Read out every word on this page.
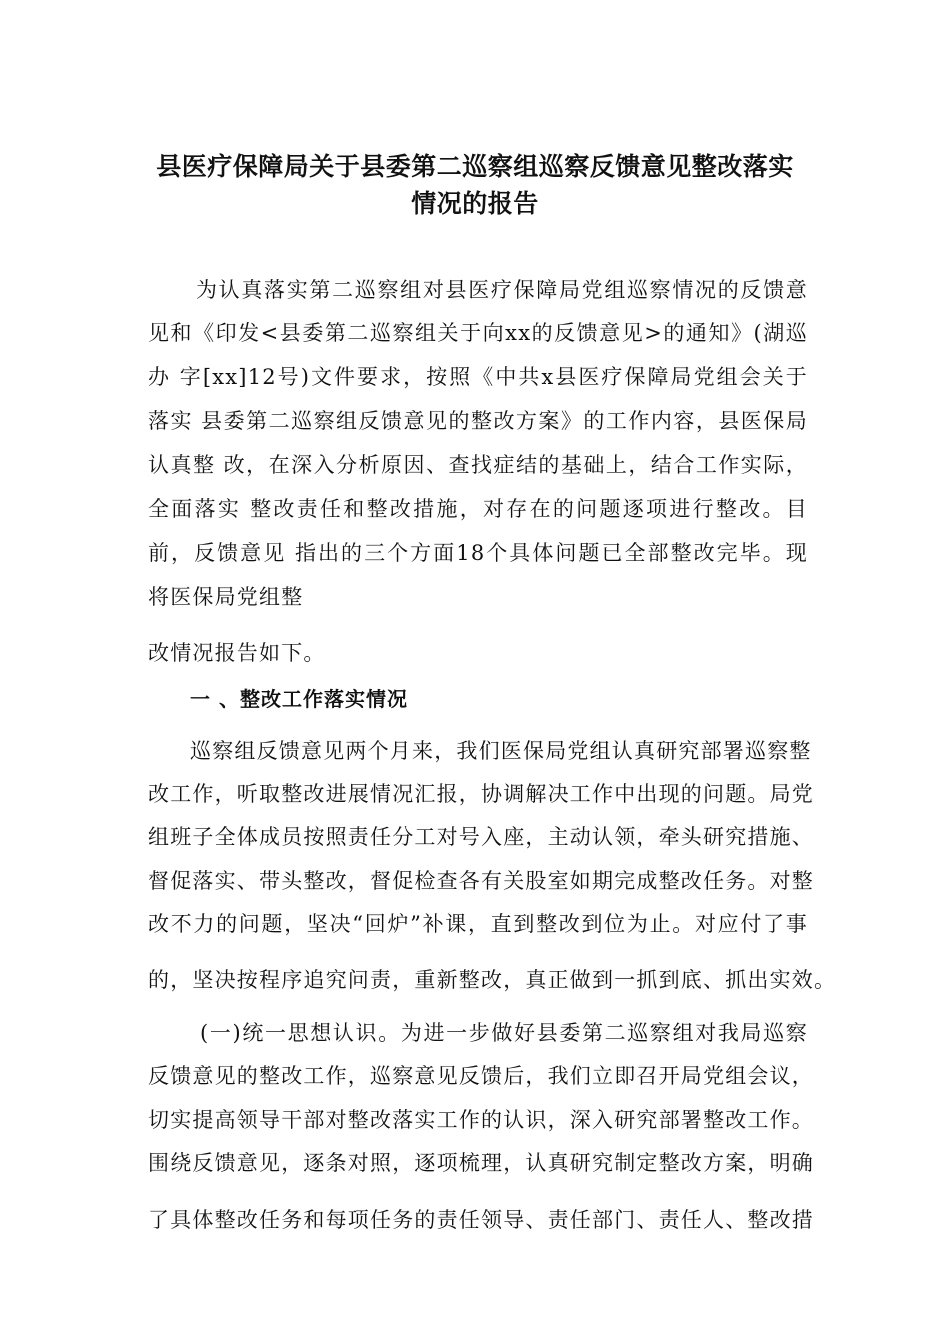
县医疗保障局关于县委第二巡察组巡察反馈意见整改落实
情况的报告
为认真落实第二巡察组对县医疗保障局党组巡察情况的反馈意
见和《印发<县委第二巡察组关于向xx的反馈意见>的通知》(湖巡
办 字[xx]12号)文件要求，按照《中共x县医疗保障局党组会关于
落实 县委第二巡察组反馈意见的整改方案》的工作内容，县医保局
认真整 改，在深入分析原因、查找症结的基础上，结合工作实际，
全面落实 整改责任和整改措施，对存在的问题逐项进行整改。目
前，反馈意见 指出的三个方面18个具体问题已全部整改完毕。现
将医保局党组整
改情况报告如下。
一 、整改工作落实情况
巡察组反馈意见两个月来，我们医保局党组认真研究部署巡察整
改工作，听取整改进展情况汇报，协调解决工作中出现的问题。局党
组班子全体成员按照责任分工对号入座，主动认领，牵头研究措施、
督促落实、带头整改，督促检查各有关股室如期完成整改任务。对整
改不力的问题，坚决“回炉”补课，直到整改到位为止。对应付了事
的，坚决按程序追究问责，重新整改，真正做到一抓到底、抓出实效。
(一)统一思想认识。为进一步做好县委第二巡察组对我局巡察
反馈意见的整改工作，巡察意见反馈后，我们立即召开局党组会议，
切实提高领导干部对整改落实工作的认识，深入研究部署整改工作。
围绕反馈意见，逐条对照，逐项梳理，认真研究制定整改方案，明确
了具体整改任务和每项任务的责任领导、责任部门、责任人、整改措
